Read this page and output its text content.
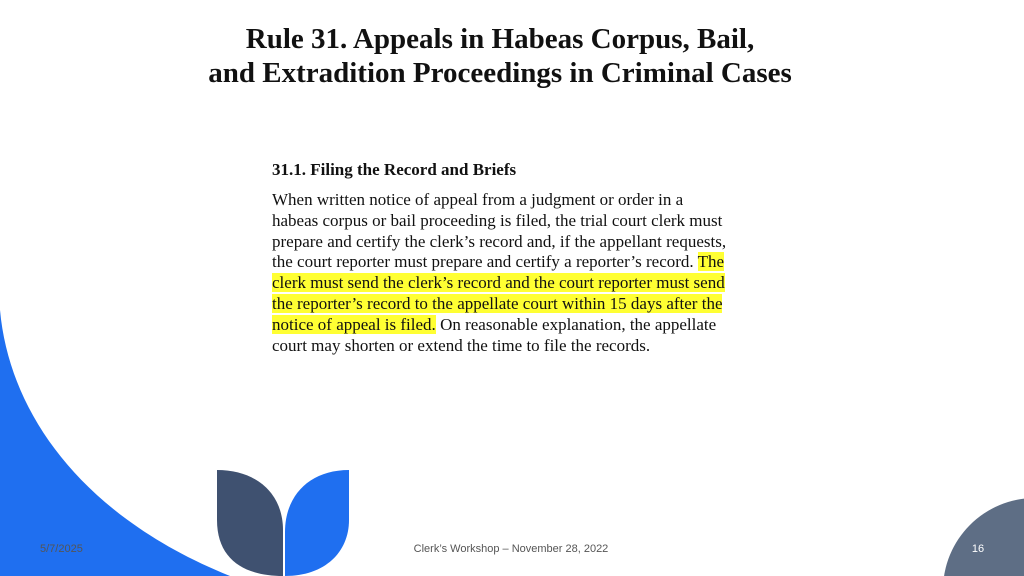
Rule 31. Appeals in Habeas Corpus, Bail,
and Extradition Proceedings in Criminal Cases

31.1. Filing the Record and Briefs

When written notice of appeal from a judgment or order in a habeas corpus or bail proceeding is filed, the trial court clerk must prepare and certify the clerk’s record and, if the appellant requests, the court reporter must prepare and certify a reporter’s record. The clerk must send the clerk’s record and the court reporter must send the reporter’s record to the appellate court within 15 days after the notice of appeal is filed. On reasonable explanation, the appellate court may shorten or extend the time to file the records.

5/7/2025	Clerk’s Workshop – November 28, 2022	16
